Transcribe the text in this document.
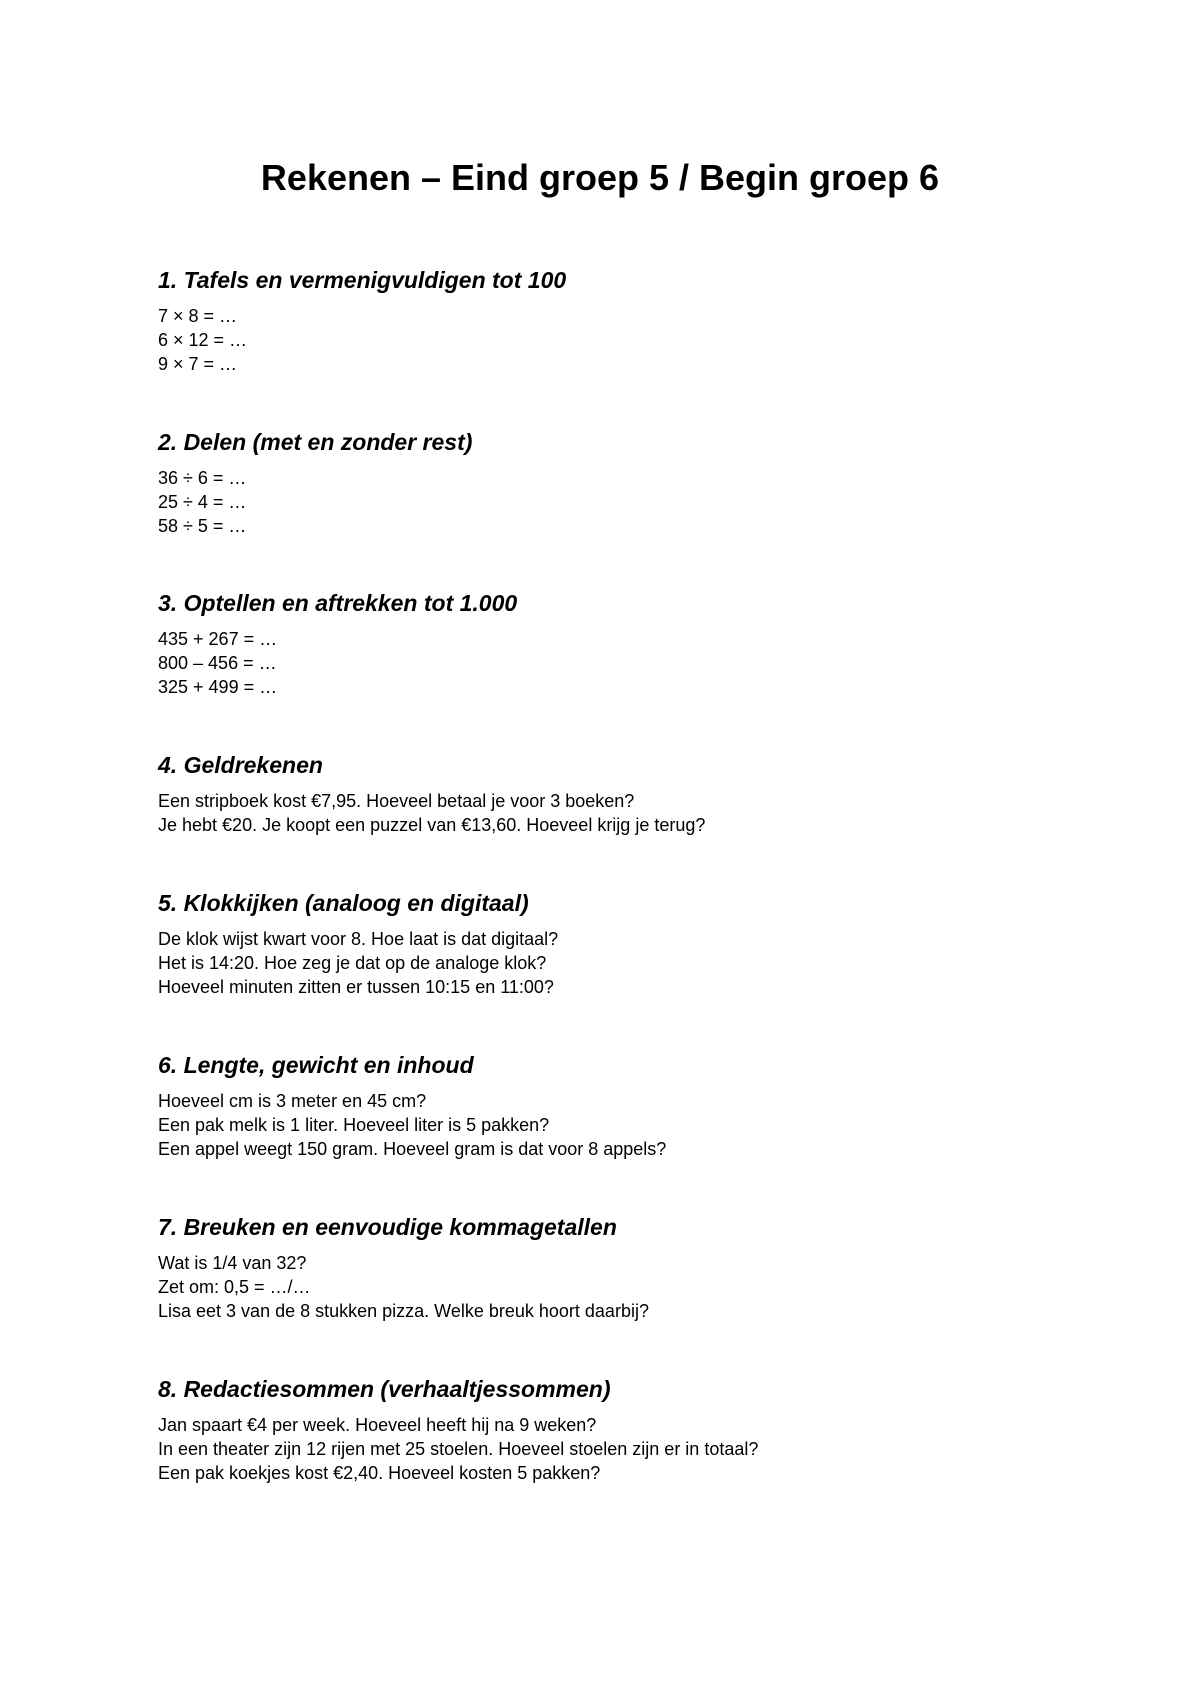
Rekenen – Eind groep 5 / Begin groep 6
1. Tafels en vermenigvuldigen tot 100
7 × 8 = …
6 × 12 = …
9 × 7 = …
2. Delen (met en zonder rest)
36 ÷ 6 = …
25 ÷ 4 = …
58 ÷ 5 = …
3. Optellen en aftrekken tot 1.000
435 + 267 = …
800 – 456 = …
325 + 499 = …
4. Geldrekenen
Een stripboek kost €7,95. Hoeveel betaal je voor 3 boeken?
Je hebt €20. Je koopt een puzzel van €13,60. Hoeveel krijg je terug?
5. Klokkijken (analoog en digitaal)
De klok wijst kwart voor 8. Hoe laat is dat digitaal?
Het is 14:20. Hoe zeg je dat op de analoge klok?
Hoeveel minuten zitten er tussen 10:15 en 11:00?
6. Lengte, gewicht en inhoud
Hoeveel cm is 3 meter en 45 cm?
Een pak melk is 1 liter. Hoeveel liter is 5 pakken?
Een appel weegt 150 gram. Hoeveel gram is dat voor 8 appels?
7. Breuken en eenvoudige kommagetallen
Wat is 1/4 van 32?
Zet om: 0,5 = …/…
Lisa eet 3 van de 8 stukken pizza. Welke breuk hoort daarbij?
8. Redactiesommen (verhaaltjessommen)
Jan spaart €4 per week. Hoeveel heeft hij na 9 weken?
In een theater zijn 12 rijen met 25 stoelen. Hoeveel stoelen zijn er in totaal?
Een pak koekjes kost €2,40. Hoeveel kosten 5 pakken?
